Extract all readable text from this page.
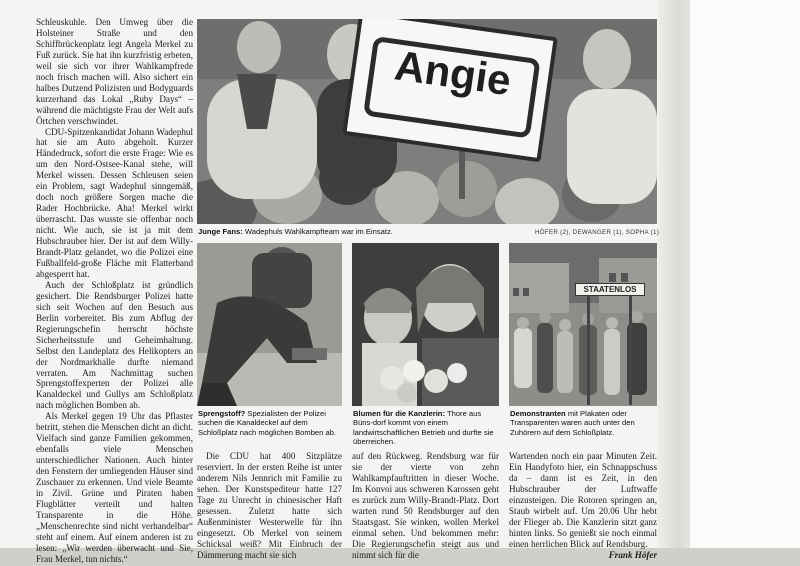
Schleuskuhle. Den Umweg über die Holsteiner Straße und den Schiffbrückenplatz legt Angela Merkel zu Fuß zurück. Sie hat ihn kurzfristig erbeten, weil sie sich vor ihrer Wahlkampfrede noch frisch machen will. Also sichert ein halbes Dutzend Polizisten und Bodyguards kurzerhand das Lokal „Ruby Days“ – während die mächtigste Frau der Welt aufs Örtchen verschwindet.

CDU-Spitzenkandidat Johann Wadephul hat sie am Auto abgeholt. Kurzer Händedruck, sofort die erste Frage: Wie es um den Nord-Ostsee-Kanal stehe, will Merkel wissen. Dessen Schleusen seien ein Problem, sagt Wadephul sinngemäß, doch noch größere Sorgen mache die Rader Hochbrücke. Aha! Merkel wirkt überrascht. Das wusste sie offenbar noch nicht. Wie auch, sie ist ja mit dem Hubschrauber hier. Der ist auf dem Willy-Brandt-Platz gelandet, wo die Polizei eine Fußballfeld-große Fläche mit Flatterband abgesperrt hat.

Auch der Schloßplatz ist gründlich gesichert. Die Rendsburger Polizei hatte sich seit Wochen auf den Besuch aus Berlin vorbereitet. Bis zum Abflug der Regierungschefin herrscht höchste Sicherheitsstufe und Geheimhaltung. Selbst den Landeplatz des Helikopters an der Nordmarkhalle durfte niemand verraten. Am Nachmittag suchen Sprengstoffexperten der Polizei alle Kanaldeckel und Gullys am Schloßplatz nach möglichen Bomben ab.

Als Merkel gegen 19 Uhr das Pflaster betritt, stehen die Menschen dicht an dicht. Vielfach sind ganze Familien gekommen, ebenfalls viele Menschen unterschiedlicher Nationen. Auch hinter den Fenstern der umliegenden Häuser sind Zuschauer zu erkennen. Und viele Beamte in Zivil. Grüne und Piraten haben Flugblätter verteilt und halten Transparente in die Höhe. „Menschenrechte sind nicht verhandelbar“ steht auf einem. Auf einem anderen ist zu lesen: „Wir werden überwacht und Sie, Frau Merkel, tun nichts.“

Angie
Junge Fans: Wadephuls Wahlkampfteam war im Einsatz.	HÖFER (2), DEWANGER (1), SOPHA (1)
Sprengstoff? Spezialisten der Polizei suchen die Kanaldeckel auf dem Schloßplatz nach möglichen Bomben ab.
Blumen für die Kanzlerin: Thore aus Büns-dorf kommt von einem landwirtschaftlichen Betrieb und durfte sie überreichen.
STAATENLOS
Demonstranten mit Plakaten oder Transparenten waren auch unter den Zuhörern auf dem Schloßplatz.

Die CDU hat 400 Sitzplätze reserviert. In der ersten Reihe ist unter anderem Nils Jennrich mit Familie zu sehen. Der Kunstspediteur hatte 127 Tage zu Unrecht in chinesischer Haft gesessen. Zuletzt hatte sich Außenminister Westerwelle für ihn eingesetzt. Ob Merkel von seinem Schicksal weiß? Mit Einbruch der Dämmerung macht sie sich

auf den Rückweg. Rendsburg war für sie der vierte von zehn Wahlkampfauftritten in dieser Woche. Im Konvoi aus schweren Karossen geht es zurück zum Willy-Brandt-Platz. Dort warten rund 50 Rendsburger auf den Staatsgast. Sie winken, wollen Merkel einmal sehen. Und bekommen mehr: Die Regierungschefin steigt aus und nimmt sich für die

Wartenden noch ein paar Minuten Zeit. Ein Handyfoto hier, ein Schnappschuss da – dann ist es Zeit, in den Hubschrauber der Luftwaffe einzusteigen. Die Rotoren springen an, Staub wirbelt auf. Um 20.06 Uhr hebt der Flieger ab. Die Kanzlerin sitzt ganz hinten links. So genießt sie noch einmal einen herrlichen Blick auf Rendsburg.

Frank Höfer
